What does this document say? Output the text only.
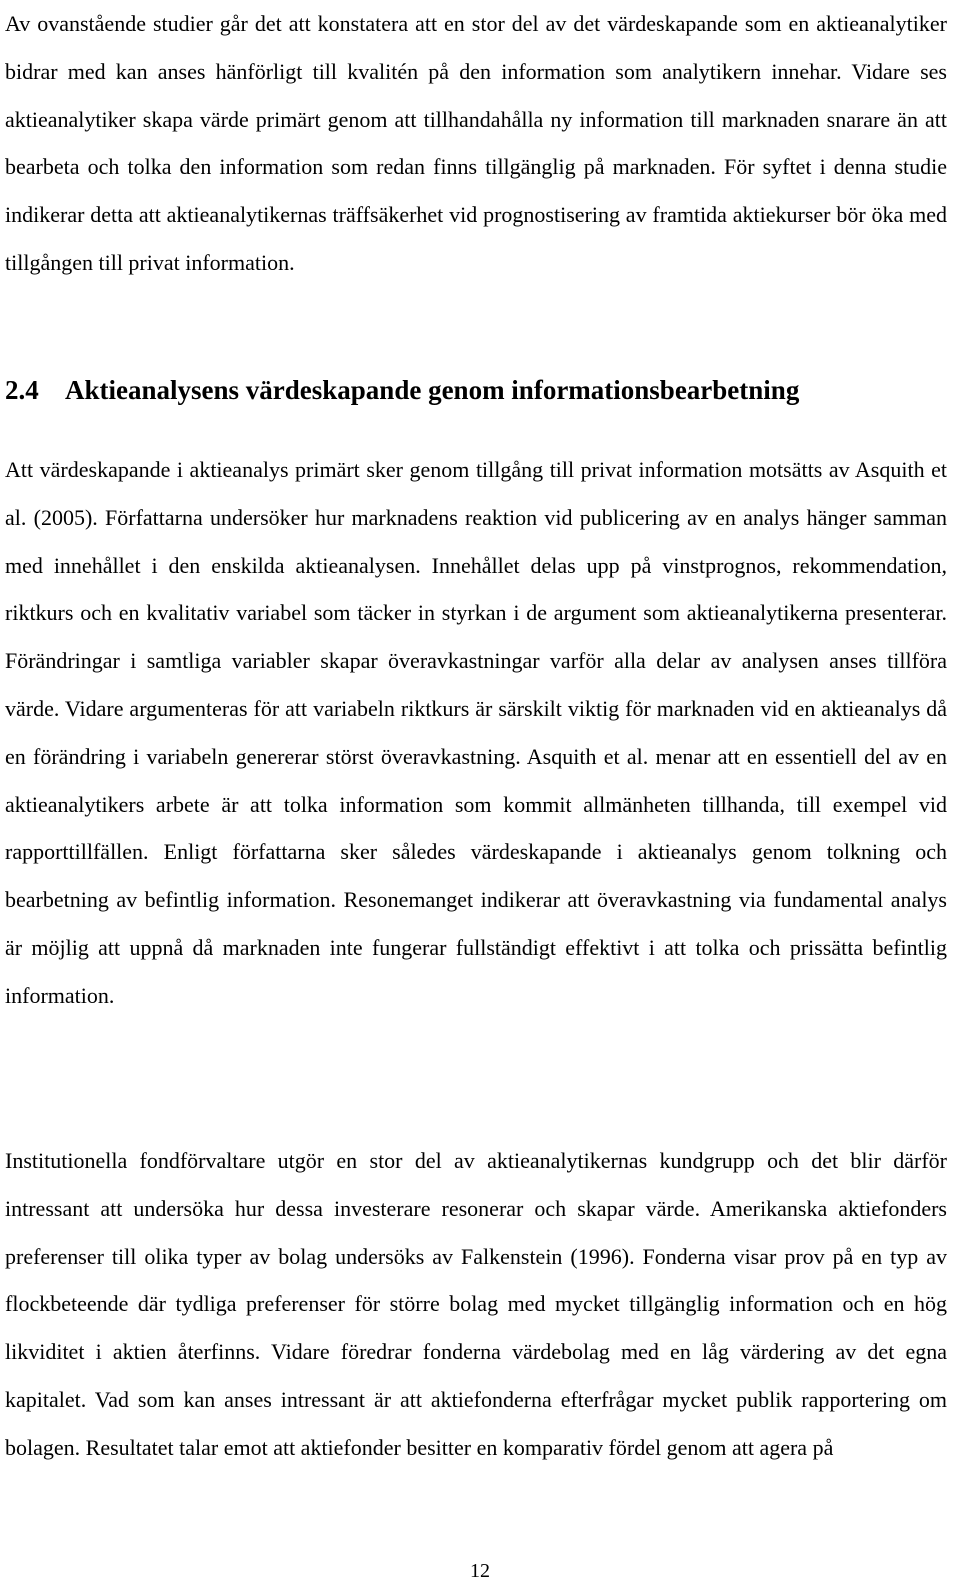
Av ovanstående studier går det att konstatera att en stor del av det värdeskapande som en aktieanalytiker bidrar med kan anses hänförligt till kvalitén på den information som analytikern innehar. Vidare ses aktieanalytiker skapa värde primärt genom att tillhandahålla ny information till marknaden snarare än att bearbeta och tolka den information som redan finns tillgänglig på marknaden. För syftet i denna studie indikerar detta att aktieanalytikernas träffsäkerhet vid prognostisering av framtida aktiekurser bör öka med tillgången till privat information.

2.4 Aktieanalysens värdeskapande genom informationsbearbetning

Att värdeskapande i aktieanalys primärt sker genom tillgång till privat information motsätts av Asquith et al. (2005). Författarna undersöker hur marknadens reaktion vid publicering av en analys hänger samman med innehållet i den enskilda aktieanalysen. Innehållet delas upp på vinstprognos, rekommendation, riktkurs och en kvalitativ variabel som täcker in styrkan i de argument som aktieanalytikerna presenterar. Förändringar i samtliga variabler skapar överavkastningar varför alla delar av analysen anses tillföra värde. Vidare argumenteras för att variabeln riktkurs är särskilt viktig för marknaden vid en aktieanalys då en förändring i variabeln genererar störst överavkastning. Asquith et al. menar att en essentiell del av en aktieanalytikers arbete är att tolka information som kommit allmänheten tillhanda, till exempel vid rapporttillfällen. Enligt författarna sker således värdeskapande i aktieanalys genom tolkning och bearbetning av befintlig information. Resonemanget indikerar att överavkastning via fundamental analys är möjlig att uppnå då marknaden inte fungerar fullständigt effektivt i att tolka och prissätta befintlig information.

Institutionella fondförvaltare utgör en stor del av aktieanalytikernas kundgrupp och det blir därför intressant att undersöka hur dessa investerare resonerar och skapar värde. Amerikanska aktiefonders preferenser till olika typer av bolag undersöks av Falkenstein (1996). Fonderna visar prov på en typ av flockbeteende där tydliga preferenser för större bolag med mycket tillgänglig information och en hög likviditet i aktien återfinns. Vidare föredrar fonderna värdebolag med en låg värdering av det egna kapitalet. Vad som kan anses intressant är att aktiefonderna efterfrågar mycket publik rapportering om bolagen. Resultatet talar emot att aktiefonder besitter en komparativ fördel genom att agera på

12
